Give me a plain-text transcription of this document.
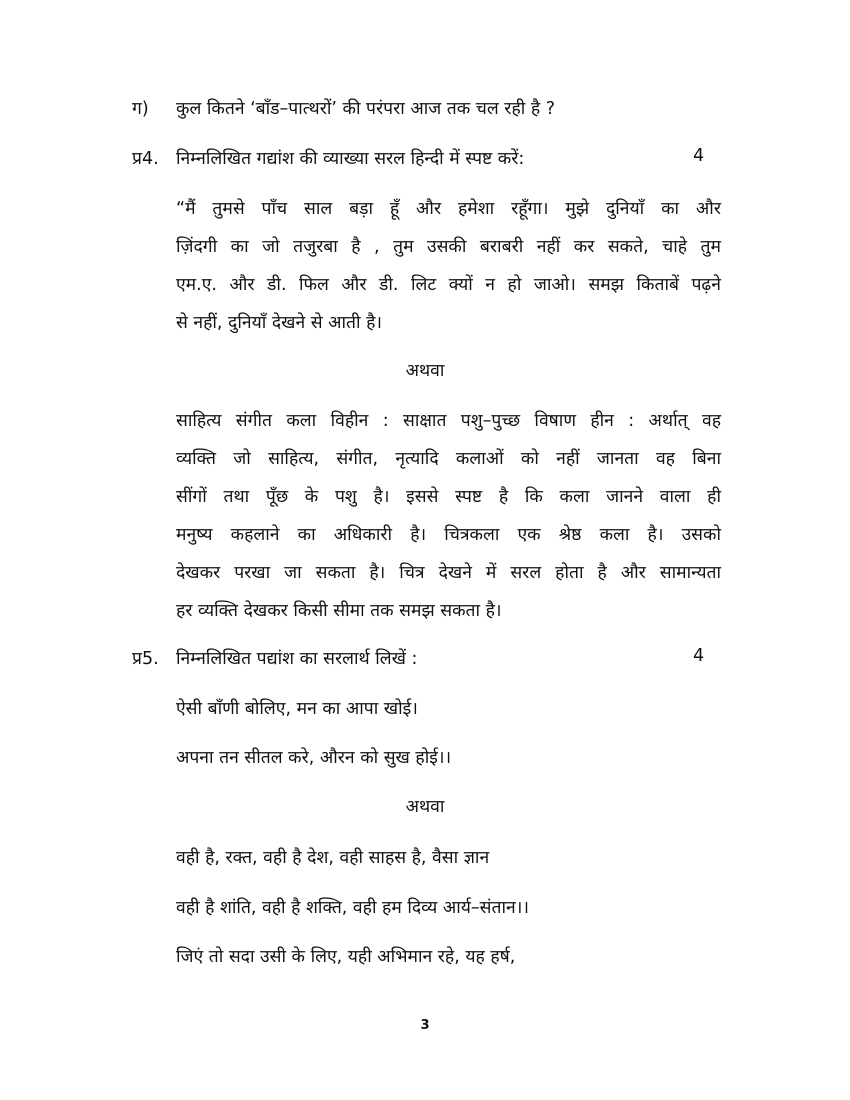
ग) कुल कितने ‘बाँड–पात्थरों’ की परंपरा आज तक चल रही है ?
प्र4. निम्नलिखित गद्यांश की व्याख्या सरल हिन्दी में स्पष्ट करें:	4
“मैं तुमसे पाँच साल बड़ा हूँ और हमेशा रहूँगा। मुझे दुनियाँ का और
ज़िंदगी का जो तजुरबा है , तुम उसकी बराबरी नहीं कर सकते, चाहे तुम
एम.ए. और डी. फिल और डी. लिट क्यों न हो जाओ। समझ किताबें पढ़ने
से नहीं, दुनियाँ देखने से आती है।
अथवा
साहित्य संगीत कला विहीन : साक्षात पशु–पुच्छ विषाण हीन : अर्थात् वह
व्यक्ति जो साहित्य, संगीत, नृत्यादि कलाओं को नहीं जानता वह बिना
सींगों तथा पूँछ के पशु है। इससे स्पष्ट है कि कला जानने वाला ही
मनुष्य कहलाने का अधिकारी है। चित्रकला एक श्रेष्ठ कला है। उसको
देखकर परखा जा सकता है। चित्र देखने में सरल होता है और सामान्यता
हर व्यक्ति देखकर किसी सीमा तक समझ सकता है।
प्र5. निम्नलिखित पद्यांश का सरलार्थ लिखें :	4
ऐसी बाँणी बोलिए, मन का आपा खोई।
अपना तन सीतल करे, औरन को सुख होई।।
अथवा
वही है, रक्त, वही है देश, वही साहस है, वैसा ज्ञान
वही है शांति, वही है शक्ति, वही हम दिव्य आर्य–संतान।।
जिएं तो सदा उसी के लिए, यही अभिमान रहे, यह हर्ष,
3
